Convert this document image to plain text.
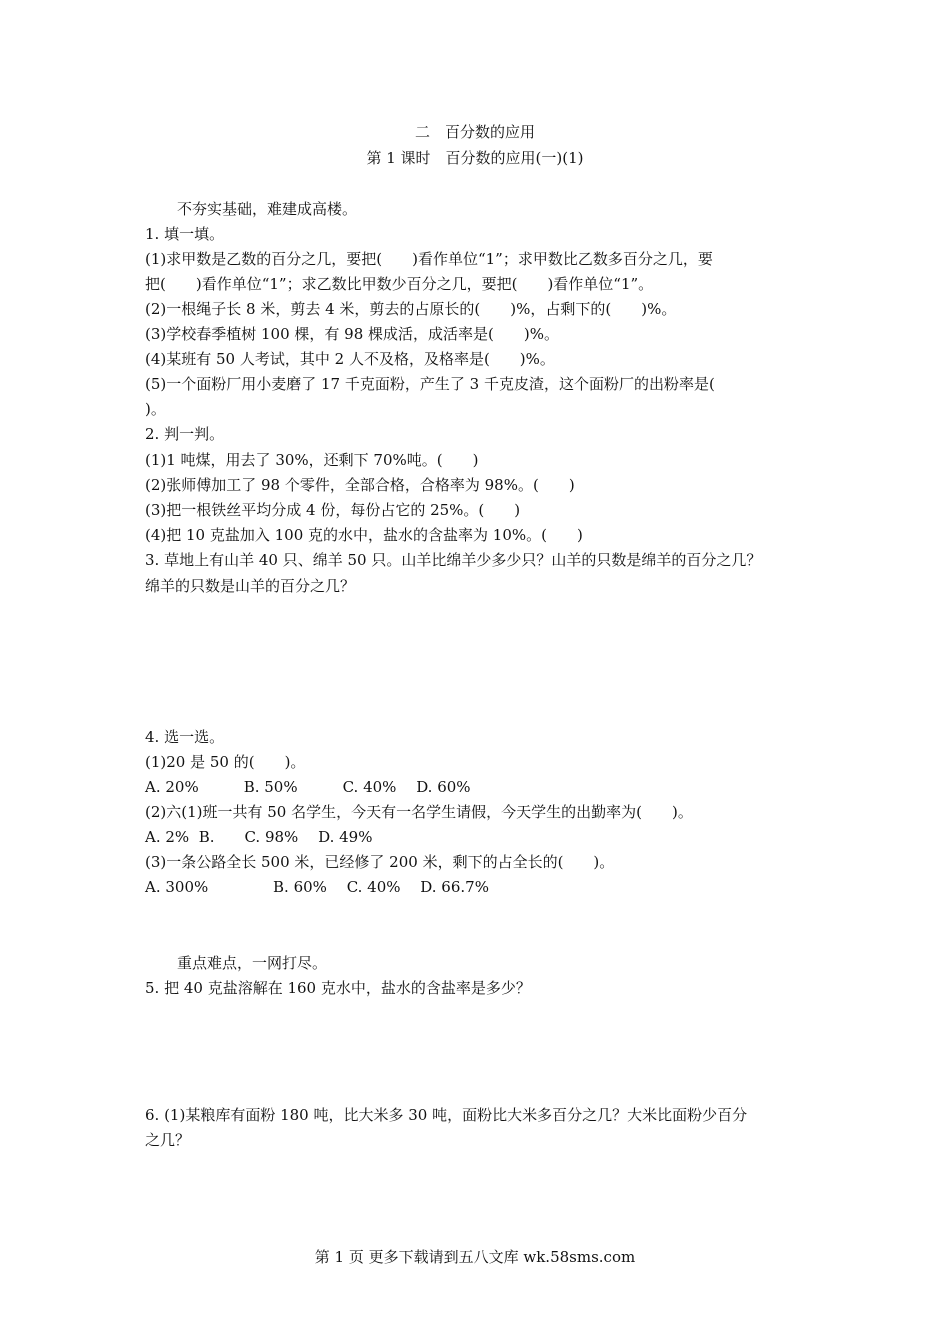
二　百分数的应用
第 1 课时　百分数的应用(一)(1)
不夯实基础，难建成高楼。
1. 填一填。
(1)求甲数是乙数的百分之几，要把(　　)看作单位“1”；求甲数比乙数多百分之几，要
把(　　)看作单位“1”；求乙数比甲数少百分之几，要把(　　)看作单位“1”。
(2)一根绳子长 8 米，剪去 4 米，剪去的占原长的(　　)%，占剩下的(　　)%。
(3)学校春季植树 100 棵，有 98 棵成活，成活率是(　　)%。
(4)某班有 50 人考试，其中 2 人不及格，及格率是(　　)%。
(5)一个面粉厂用小麦磨了 17 千克面粉，产生了 3 千克皮渣，这个面粉厂的出粉率是(
)。
2. 判一判。
(1)1 吨煤，用去了 30%，还剩下 70%吨。(　　)
(2)张师傅加工了 98 个零件，全部合格，合格率为 98%。(　　)
(3)把一根铁丝平均分成 4 份，每份占它的 25%。(　　)
(4)把 10 克盐加入 100 克的水中，盐水的含盐率为 10%。(　　)
3. 草地上有山羊 40 只、绵羊 50 只。山羊比绵羊少多少只？山羊的只数是绵羊的百分之几？
绵羊的只数是山羊的百分之几？
4. 选一选。
(1)20 是 50 的(　　)。
A. 20%　　　B. 50%　　　C. 40%　 D. 60%
(2)六(1)班一共有 50 名学生，今天有一名学生请假，今天学生的出勤率为(　　)。
A. 2%  B.　　C. 98%　 D. 49%
(3)一条公路全长 500 米，已经修了 200 米，剩下的占全长的(　　)。
A. 300%　　　　 B. 60%　 C. 40%　 D. 66.7%
重点难点，一网打尽。
5. 把 40 克盐溶解在 160 克水中，盐水的含盐率是多少？
6. (1)某粮库有面粉 180 吨，比大米多 30 吨，面粉比大米多百分之几？大米比面粉少百分
之几？
第 1 页 更多下载请到五八文库 wk.58sms.com
